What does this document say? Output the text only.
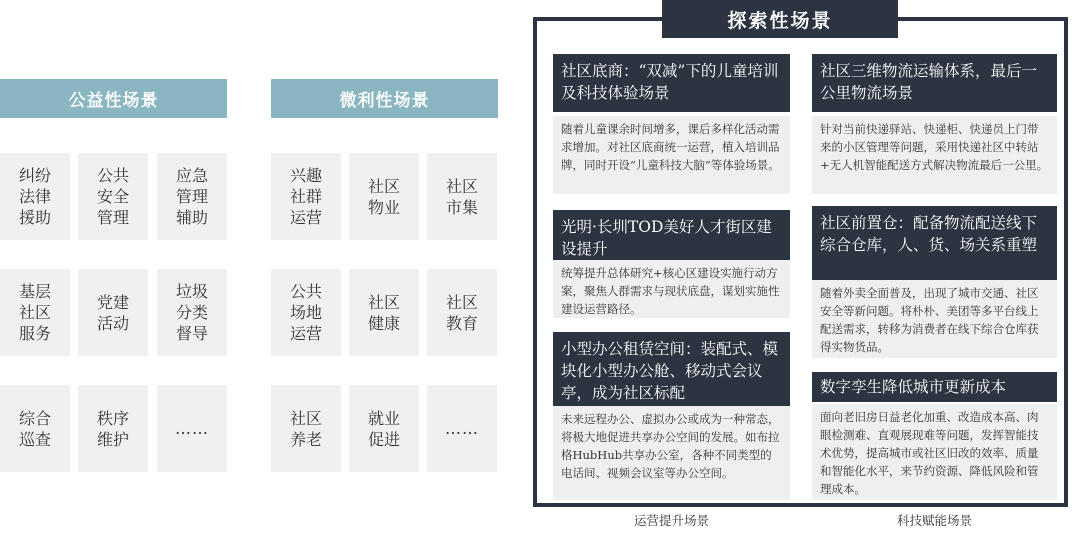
公益性场景
纠纷法律援助
公共安全管理
应急管理辅助
基层社区服务
党建活动
垃圾分类督导
综合巡查
秩序维护
……
微利性场景
兴趣社群运营
社区物业
社区市集
公共场地运营
社区健康
社区教育
社区养老
就业促进
……
探索性场景
社区底商：“双减”下的儿童培训及科技体验场景
随着儿童课余时间增多，课后多样化活动需求增加。对社区底商统一运营，植入培训品牌，同时开设“儿童科技大脑”等体验场景。
光明·长圳TOD美好人才街区建设提升
统筹提升总体研究+核心区建设实施行动方案，聚焦人群需求与现状底盘，谋划实施性建设运营路径。
小型办公租赁空间：装配式、模块化小型办公舱、移动式会议亭，成为社区标配
未来远程办公、虚拟办公或成为一种常态，将极大地促进共享办公空间的发展。如布拉格HubHub共享办公室，各种不同类型的电话间、视频会议室等办公空间。
社区三维物流运输体系，最后一公里物流场景
针对当前快递驿站、快递柜、快递员上门带来的小区管理等问题，采用快递社区中转站+无人机智能配送方式解决物流最后一公里。
社区前置仓：配备物流配送线下综合仓库，人、货、场关系重塑
随着外卖全面普及，出现了城市交通、社区安全等新问题。将朴朴、美团等多平台线上配送需求，转移为消费者在线下综合仓库获得实物货品。
数字孪生降低城市更新成本
面向老旧房日益老化加重、改造成本高、肉眼检测难、直观展现难等问题，发挥智能技术优势，提高城市或社区旧改的效率、质量和智能化水平，来节约资源、降低风险和管理成本。
运营提升场景	科技赋能场景
